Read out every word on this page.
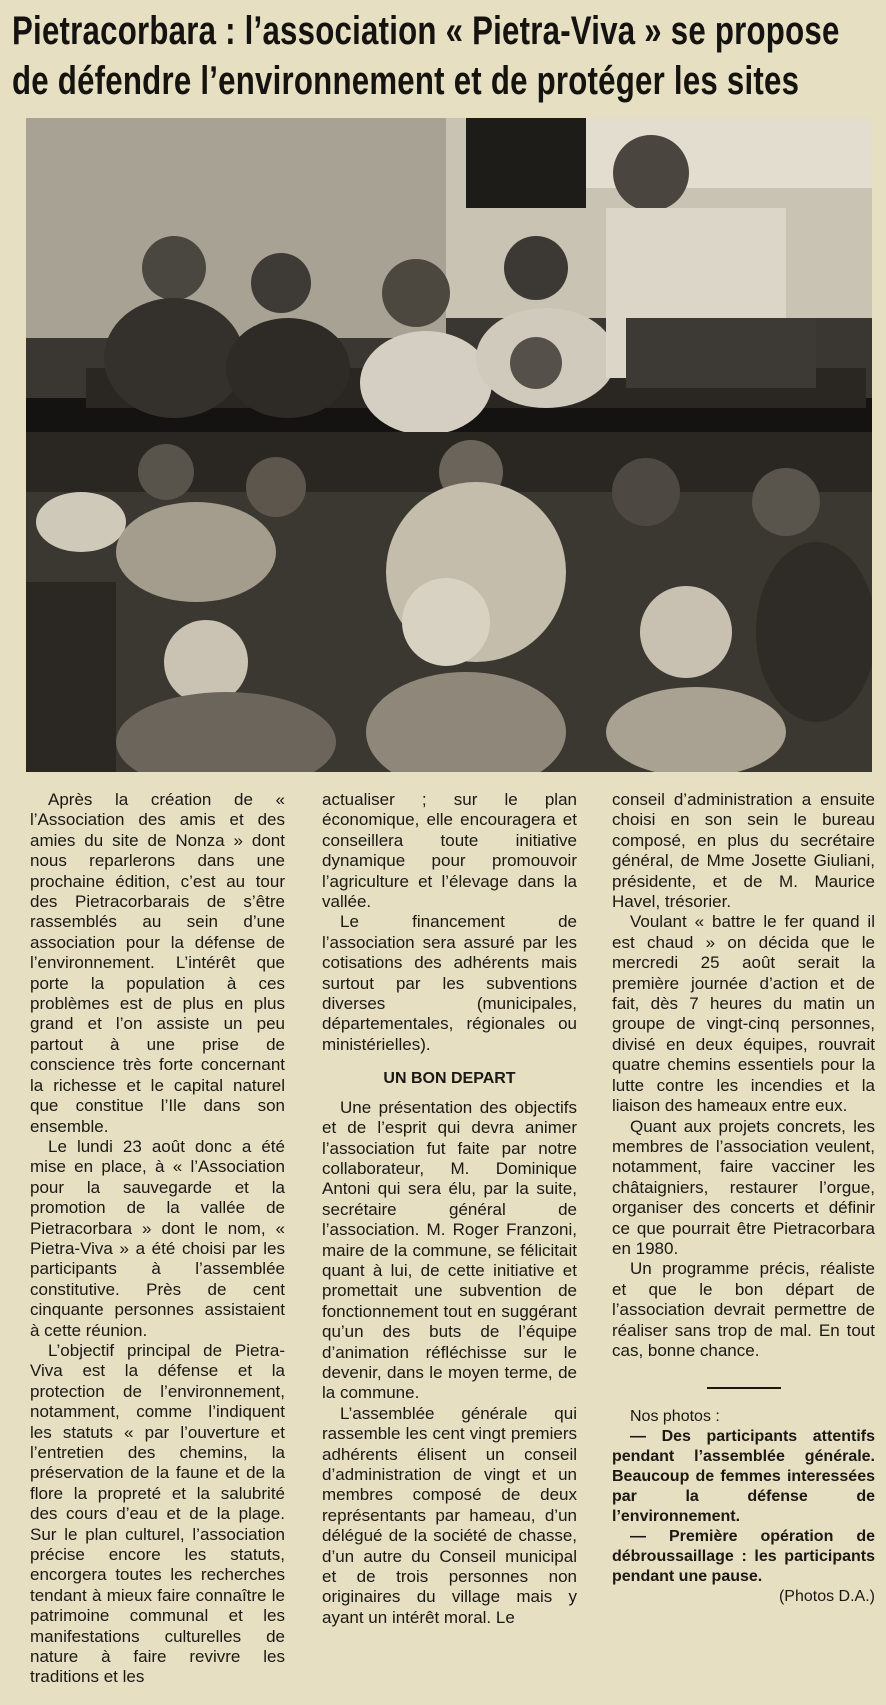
Pietracorbara : l’association « Pietra-Viva » se propose
de défendre l’environnement et de protéger les sites

Après la création de « l’Association des amis et des amies du site de Nonza » dont nous reparlerons dans une prochaine édition, c’est au tour des Pietracorbarais de s’être rassemblés au sein d’une association pour la défense de l’environnement. L’intérêt que porte la population à ces problèmes est de plus en plus grand et l’on assiste un peu partout à une prise de conscience très forte concernant la richesse et le capital naturel que constitue l’Ile dans son ensemble.

Le lundi 23 août donc a été mise en place, à « l’Association pour la sauvegarde et la promotion de la vallée de Pietracorbara » dont le nom, « Pietra-Viva » a été choisi par les participants à l’assemblée constitutive. Près de cent cinquante personnes assistaient à cette réunion.

L’objectif principal de Pietra-Viva est la défense et la protection de l’environnement, notamment, comme l’indiquent les statuts « par l’ouverture et l’entretien des chemins, la préservation de la faune et de la flore la propreté et la salubrité des cours d’eau et de la plage. Sur le plan culturel, l’association précise encore les statuts, encorgera toutes les recherches tendant à mieux faire connaître le patrimoine communal et les manifestations culturelles de nature à faire revivre les traditions et les

actualiser ; sur le plan économique, elle encouragera et conseillera toute initiative dynamique pour promouvoir l’agriculture et l’élevage dans la vallée.

Le financement de l’association sera assuré par les cotisations des adhérents mais surtout par les subventions diverses (municipales, départementales, régionales ou ministérielles).

UN BON DEPART

Une présentation des objectifs et de l’esprit qui devra animer l’association fut faite par notre collaborateur, M. Dominique Antoni qui sera élu, par la suite, secrétaire général de l’association. M. Roger Franzoni, maire de la commune, se félicitait quant à lui, de cette initiative et promettait une subvention de fonctionnement tout en suggérant qu’un des buts de l’équipe d’animation réfléchisse sur le devenir, dans le moyen terme, de la commune.

L’assemblée générale qui rassemble les cent vingt premiers adhérents élisent un conseil d’administration de vingt et un membres composé de deux représentants par hameau, d’un délégué de la société de chasse, d’un autre du Conseil municipal et de trois personnes non originaires du village mais y ayant un intérêt moral. Le

conseil d’administration a ensuite choisi en son sein le bureau composé, en plus du secrétaire général, de Mme Josette Giuliani, présidente, et de M. Maurice Havel, trésorier.

Voulant « battre le fer quand il est chaud » on décida que le mercredi 25 août serait la première journée d’action et de fait, dès 7 heures du matin un groupe de vingt-cinq personnes, divisé en deux équipes, rouvrait quatre chemins essentiels pour la lutte contre les incendies et la liaison des hameaux entre eux.

Quant aux projets concrets, les membres de l’association veulent, notamment, faire vacciner les châtaigniers, restaurer l’orgue, organiser des concerts et définir ce que pourrait être Pietracorbara en 1980.

Un programme précis, réaliste et que le bon départ de l’association devrait permettre de réaliser sans trop de mal. En tout cas, bonne chance.

Nos photos :

— Des participants attentifs pendant l’assemblée générale. Beaucoup de femmes interessées par la défense de l’environnement.

— Première opération de débroussaillage : les participants pendant une pause.

(Photos D.A.)
